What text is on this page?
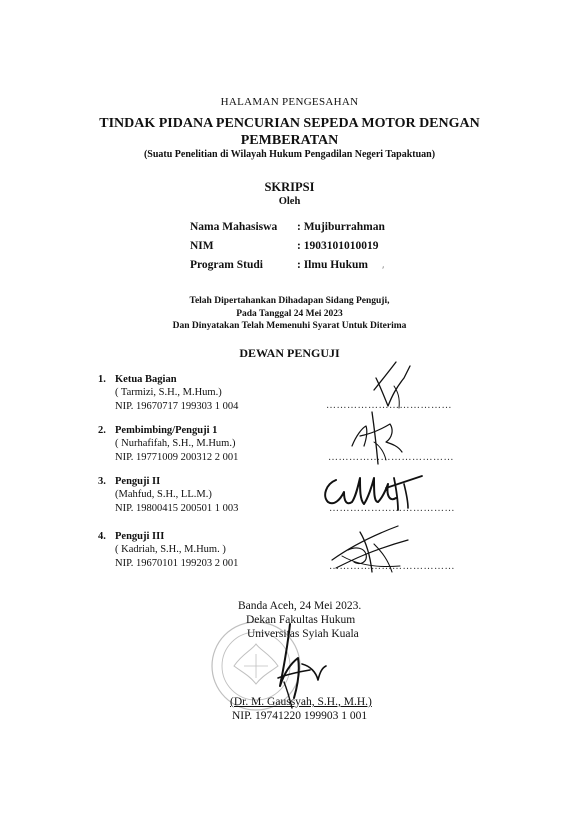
HALAMAN PENGESAHAN
TINDAK PIDANA PENCURIAN SEPEDA MOTOR DENGAN
PEMBERATAN
(Suatu Penelitian di Wilayah Hukum Pengadilan Negeri Tapaktuan)
SKRIPSI
Oleh
Nama Mahasiswa : Mujiburrahman
NIM	: 1903101010019
Program Studi	: Ilmu Hukum ⸴
Telah Dipertahankan Dihadapan Sidang Penguji,
Pada Tanggal 24 Mei 2023
Dan Dinyatakan Telah Memenuhi Syarat Untuk Diterima
DEWAN PENGUJI
1. Ketua Bagian
( Tarmizi, S.H., M.Hum.)
NIP. 19670717 199303 1 004	………………………………
2. Pembimbing/Penguji 1
( Nurhafifah, S.H., M.Hum.)
NIP. 19771009 200312 2 001	………………………………
3. Penguji II
(Mahfud, S.H., LL.M.)
NIP. 19800415 200501 1 003	………………………………
4. Penguji III
( Kadriah, S.H., M.Hum. )
NIP. 19670101 199203 2 001	………………………………
Banda Aceh, 24 Mei 2023.
Dekan Fakultas Hukum
Universitas Syiah Kuala
(Dr. M. Gaussyah, S.H., M.H.)
NIP. 19741220 199903 1 001
